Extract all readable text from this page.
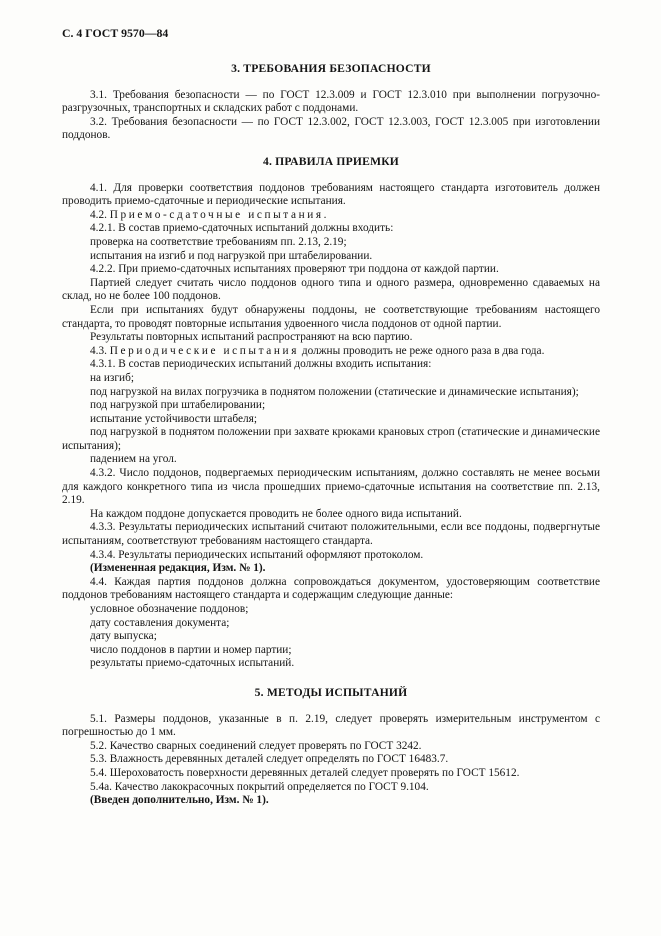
С. 4 ГОСТ 9570—84
3. ТРЕБОВАНИЯ БЕЗОПАСНОСТИ

3.1. Требования безопасности — по ГОСТ 12.3.009 и ГОСТ 12.3.010 при выполнении погрузочно-разгрузочных, транспортных и складских работ с поддонами.

3.2. Требования безопасности — по ГОСТ 12.3.002, ГОСТ 12.3.003, ГОСТ 12.3.005 при изготовлении поддонов.

4. ПРАВИЛА ПРИЕМКИ

4.1. Для проверки соответствия поддонов требованиям настоящего стандарта изготовитель должен проводить приемо-сдаточные и периодические испытания.

4.2. Приемо-сдаточные испытания.

4.2.1. В состав приемо-сдаточных испытаний должны входить:

проверка на соответствие требованиям пп. 2.13, 2.19;

испытания на изгиб и под нагрузкой при штабелировании.

4.2.2. При приемо-сдаточных испытаниях проверяют три поддона от каждой партии.

Партией следует считать число поддонов одного типа и одного размера, одновременно сдаваемых на склад, но не более 100 поддонов.

Если при испытаниях будут обнаружены поддоны, не соответствующие требованиям настоящего стандарта, то проводят повторные испытания удвоенного числа поддонов от одной партии.

Результаты повторных испытаний распространяют на всю партию.

4.3. Периодические испытания должны проводить не реже одного раза в два года.

4.3.1. В состав периодических испытаний должны входить испытания:

на изгиб;

под нагрузкой на вилах погрузчика в поднятом положении (статические и динамические испытания);

под нагрузкой при штабелировании;

испытание устойчивости штабеля;

под нагрузкой в поднятом положении при захвате крюками крановых строп (статические и динамические испытания);

падением на угол.

4.3.2. Число поддонов, подвергаемых периодическим испытаниям, должно составлять не менее восьми для каждого конкретного типа из числа прошедших приемо-сдаточные испытания на соответствие пп. 2.13, 2.19.

На каждом поддоне допускается проводить не более одного вида испытаний.

4.3.3. Результаты периодических испытаний считают положительными, если все поддоны, подвергнутые испытаниям, соответствуют требованиям настоящего стандарта.

4.3.4. Результаты периодических испытаний оформляют протоколом.

(Измененная редакция, Изм. № 1).

4.4. Каждая партия поддонов должна сопровождаться документом, удостоверяющим соответствие поддонов требованиям настоящего стандарта и содержащим следующие данные:

условное обозначение поддонов;

дату составления документа;

дату выпуска;

число поддонов в партии и номер партии;

результаты приемо-сдаточных испытаний.

5. МЕТОДЫ ИСПЫТАНИЙ

5.1. Размеры поддонов, указанные в п. 2.19, следует проверять измерительным инструментом с погрешностью до 1 мм.

5.2. Качество сварных соединений следует проверять по ГОСТ 3242.

5.3. Влажность деревянных деталей следует определять по ГОСТ 16483.7.

5.4. Шероховатость поверхности деревянных деталей следует проверять по ГОСТ 15612.

5.4а. Качество лакокрасочных покрытий определяется по ГОСТ 9.104.

(Введен дополнительно, Изм. № 1).
